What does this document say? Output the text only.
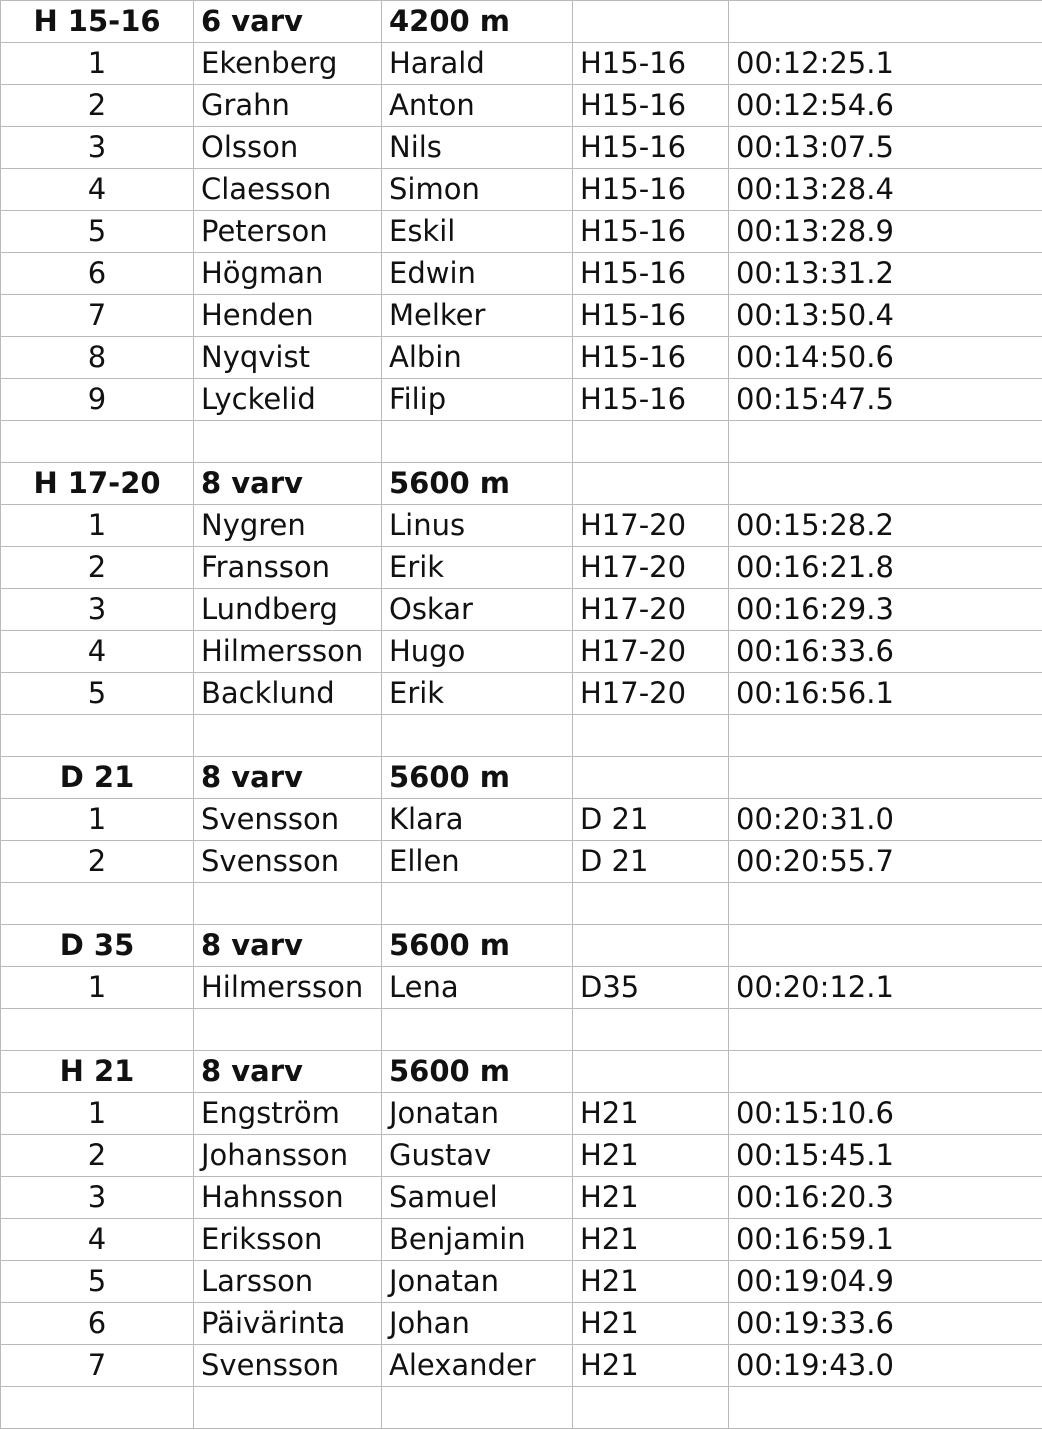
H 15-16	6 varv	4200 m		
1	Ekenberg	Harald	H15-16	00:12:25.1
2	Grahn	Anton	H15-16	00:12:54.6
3	Olsson	Nils	H15-16	00:13:07.5
4	Claesson	Simon	H15-16	00:13:28.4
5	Peterson	Eskil	H15-16	00:13:28.9
6	Högman	Edwin	H15-16	00:13:31.2
7	Henden	Melker	H15-16	00:13:50.4
8	Nyqvist	Albin	H15-16	00:14:50.6
9	Lyckelid	Filip	H15-16	00:15:47.5

H 17-20	8 varv	5600 m		
1	Nygren	Linus	H17-20	00:15:28.2
2	Fransson	Erik	H17-20	00:16:21.8
3	Lundberg	Oskar	H17-20	00:16:29.3
4	Hilmersson	Hugo	H17-20	00:16:33.6
5	Backlund	Erik	H17-20	00:16:56.1

D 21	8 varv	5600 m		
1	Svensson	Klara	D 21	00:20:31.0
2	Svensson	Ellen	D 21	00:20:55.7

D 35	8 varv	5600 m		
1	Hilmersson	Lena	D35	00:20:12.1

H 21	8 varv	5600 m		
1	Engström	Jonatan	H21	00:15:10.6
2	Johansson	Gustav	H21	00:15:45.1
3	Hahnsson	Samuel	H21	00:16:20.3
4	Eriksson	Benjamin	H21	00:16:59.1
5	Larsson	Jonatan	H21	00:19:04.9
6	Päivärinta	Johan	H21	00:19:33.6
7	Svensson	Alexander	H21	00:19:43.0
